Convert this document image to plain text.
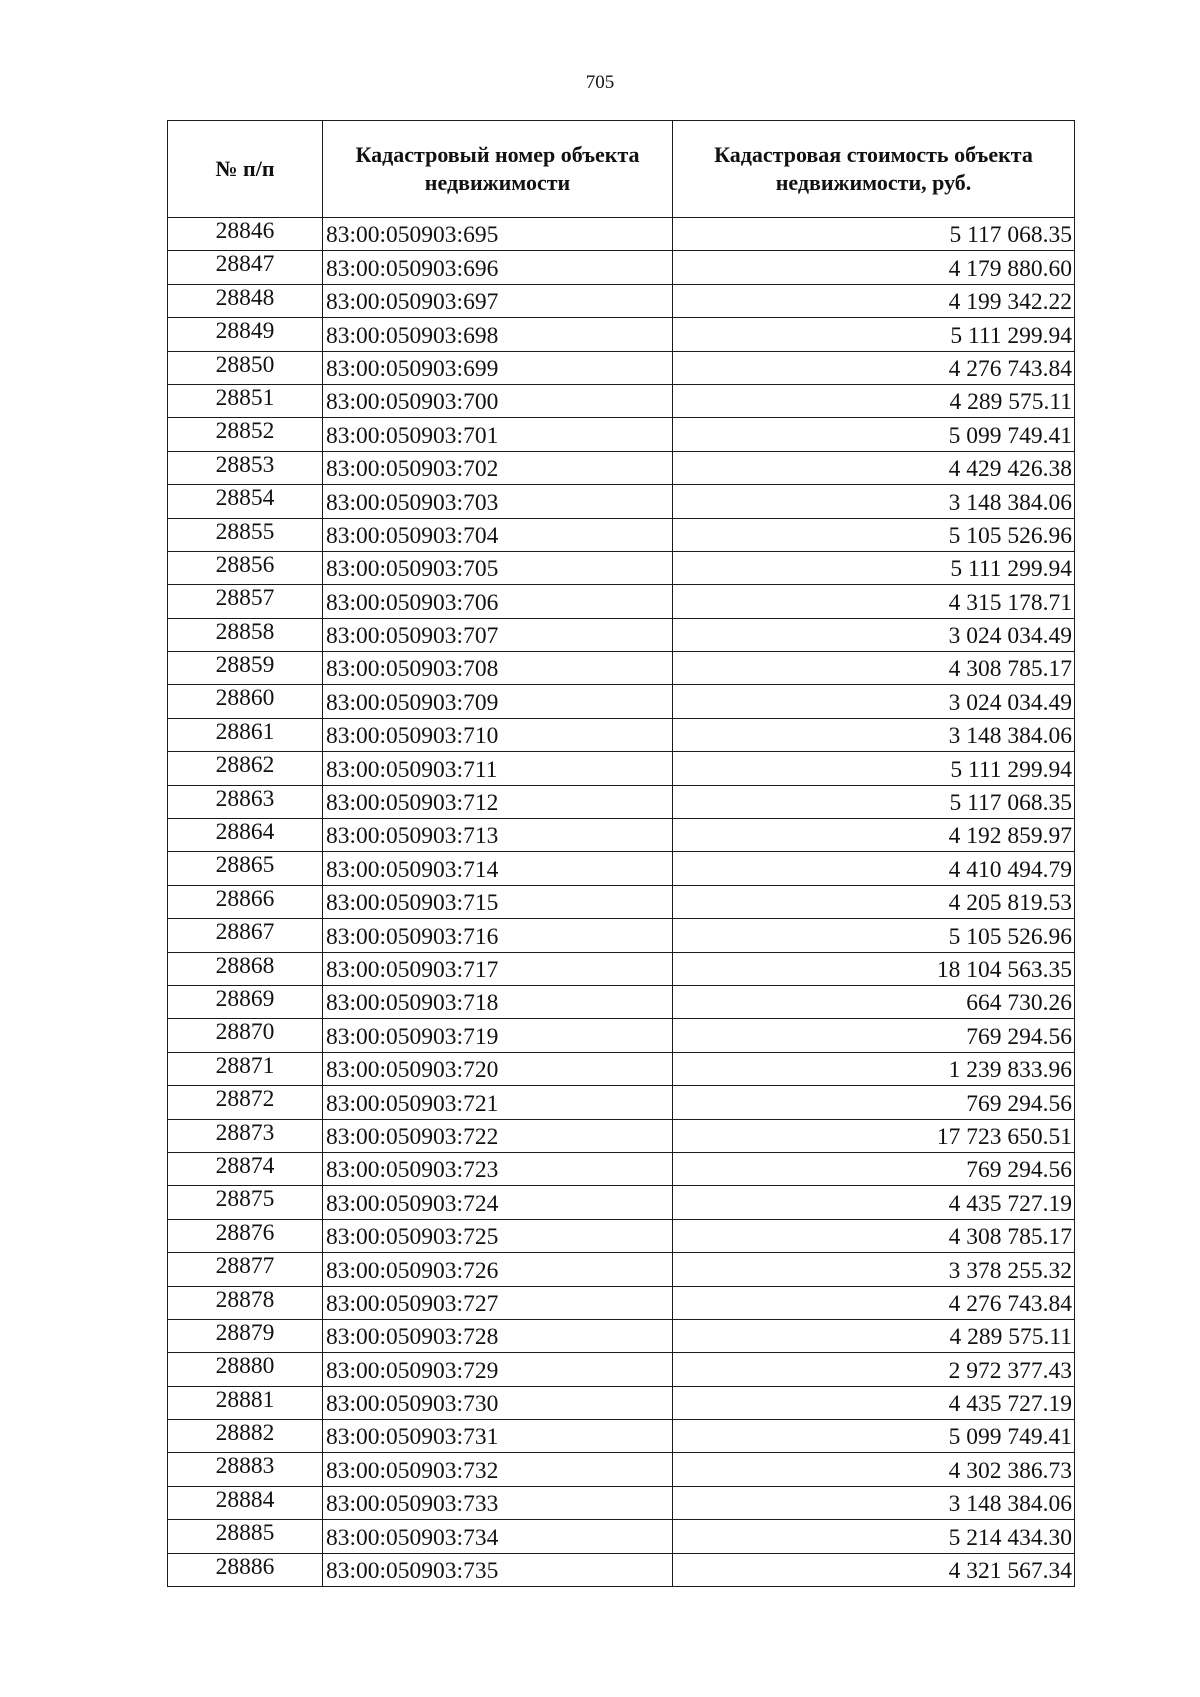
705
№ п/п	Кадастровый номер объекта недвижимости	Кадастровая стоимость объекта недвижимости, руб.
28846	83:00:050903:695	5 117 068.35
28847	83:00:050903:696	4 179 880.60
28848	83:00:050903:697	4 199 342.22
28849	83:00:050903:698	5 111 299.94
28850	83:00:050903:699	4 276 743.84
28851	83:00:050903:700	4 289 575.11
28852	83:00:050903:701	5 099 749.41
28853	83:00:050903:702	4 429 426.38
28854	83:00:050903:703	3 148 384.06
28855	83:00:050903:704	5 105 526.96
28856	83:00:050903:705	5 111 299.94
28857	83:00:050903:706	4 315 178.71
28858	83:00:050903:707	3 024 034.49
28859	83:00:050903:708	4 308 785.17
28860	83:00:050903:709	3 024 034.49
28861	83:00:050903:710	3 148 384.06
28862	83:00:050903:711	5 111 299.94
28863	83:00:050903:712	5 117 068.35
28864	83:00:050903:713	4 192 859.97
28865	83:00:050903:714	4 410 494.79
28866	83:00:050903:715	4 205 819.53
28867	83:00:050903:716	5 105 526.96
28868	83:00:050903:717	18 104 563.35
28869	83:00:050903:718	664 730.26
28870	83:00:050903:719	769 294.56
28871	83:00:050903:720	1 239 833.96
28872	83:00:050903:721	769 294.56
28873	83:00:050903:722	17 723 650.51
28874	83:00:050903:723	769 294.56
28875	83:00:050903:724	4 435 727.19
28876	83:00:050903:725	4 308 785.17
28877	83:00:050903:726	3 378 255.32
28878	83:00:050903:727	4 276 743.84
28879	83:00:050903:728	4 289 575.11
28880	83:00:050903:729	2 972 377.43
28881	83:00:050903:730	4 435 727.19
28882	83:00:050903:731	5 099 749.41
28883	83:00:050903:732	4 302 386.73
28884	83:00:050903:733	3 148 384.06
28885	83:00:050903:734	5 214 434.30
28886	83:00:050903:735	4 321 567.34
